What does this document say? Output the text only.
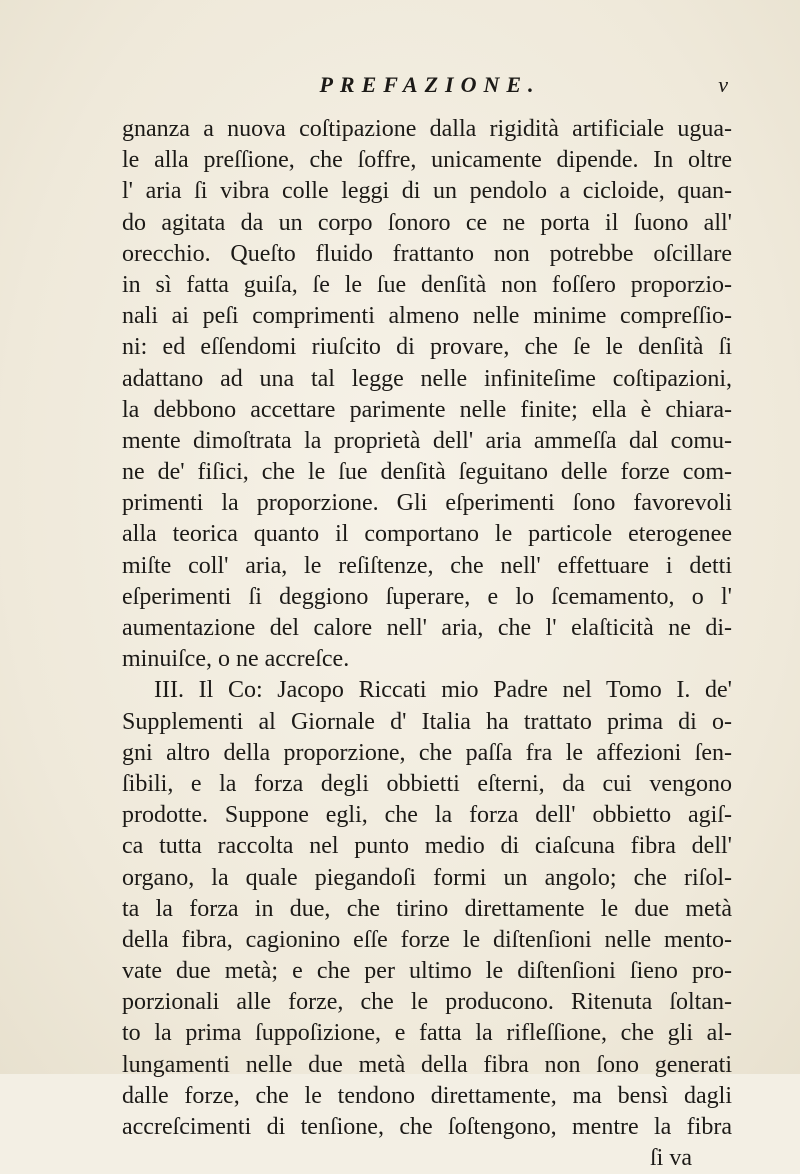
PREFAZIONE.	v
gnanza a nuova coſtipazione dalla rigidità artificiale ugua-
le alla preſſione, che ſoffre, unicamente dipende. In oltre
l' aria ſi vibra colle leggi di un pendolo a cicloide, quan-
do agitata da un corpo ſonoro ce ne porta il ſuono all'
orecchio. Queſto fluido frattanto non potrebbe oſcillare
in sì fatta guiſa, ſe le ſue denſità non foſſero proporzio-
nali ai peſi comprimenti almeno nelle minime compreſſio-
ni: ed eſſendomi riuſcito di provare, che ſe le denſità ſi
adattano ad una tal legge nelle infiniteſime coſtipazioni,
la debbono accettare parimente nelle finite; ella è chiara-
mente dimoſtrata la proprietà dell' aria ammeſſa dal comu-
ne de' fiſici, che le ſue denſità ſeguitano delle forze com-
primenti la proporzione. Gli eſperimenti ſono favorevoli
alla teorica quanto il comportano le particole eterogenee
miſte coll' aria, le reſiſtenze, che nell' effettuare i detti
eſperimenti ſi deggiono ſuperare, e lo ſcemamento, o l'
aumentazione del calore nell' aria, che l' elaſticità ne di-
minuiſce, o ne accreſce.
III. Il Co: Jacopo Riccati mio Padre nel Tomo I. de'
Supplementi al Giornale d' Italia ha trattato prima di o-
gni altro della proporzione, che paſſa fra le affezioni ſen-
ſibili, e la forza degli obbietti eſterni, da cui vengono
prodotte. Suppone egli, che la forza dell' obbietto agiſ-
ca tutta raccolta nel punto medio di ciaſcuna fibra dell'
organo, la quale piegandoſi formi un angolo; che riſol-
ta la forza in due, che tirino direttamente le due metà
della fibra, cagionino eſſe forze le diſtenſioni nelle mento-
vate due metà; e che per ultimo le diſtenſioni ſieno pro-
porzionali alle forze, che le producono. Ritenuta ſoltan-
to la prima ſuppoſizione, e fatta la rifleſſione, che gli al-
lungamenti nelle due metà della fibra non ſono generati
dalle forze, che le tendono direttamente, ma bensì dagli
accreſcimenti di tenſione, che ſoſtengono, mentre la fibra
ſi va
